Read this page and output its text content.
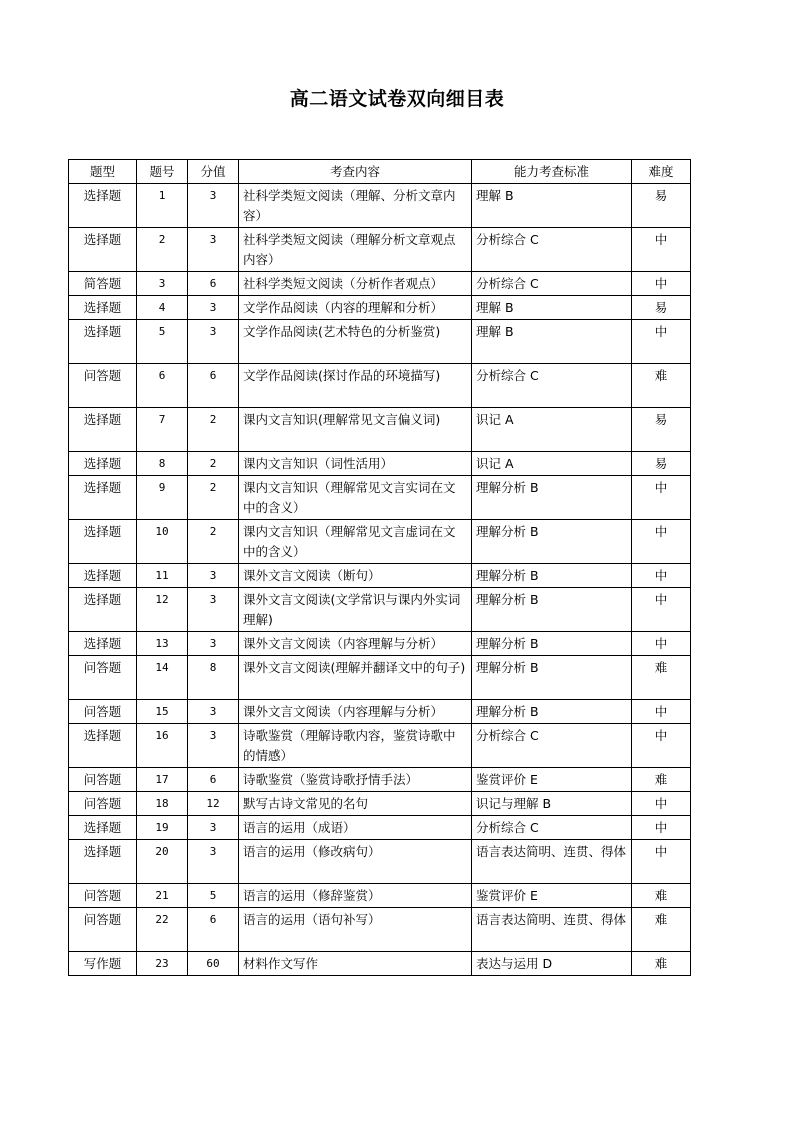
高二语文试卷双向细目表
题型	题号	分值	考查内容	能力考查标准	难度
选择题	1	3	社科学类短文阅读（理解、分析文章内容）	理解 B	易
选择题	2	3	社科学类短文阅读（理解分析文章观点内容）	分析综合 C	中
简答题	3	6	社科学类短文阅读（分析作者观点）	分析综合 C	中
选择题	4	3	文学作品阅读（内容的理解和分析）	理解 B	易
选择题	5	3	文学作品阅读(艺术特色的分析鉴赏)	理解 B	中
问答题	6	6	文学作品阅读(探讨作品的环境描写)	分析综合 C	难
选择题	7	2	课内文言知识(理解常见文言偏义词)	识记 A	易
选择题	8	2	课内文言知识（词性活用）	识记 A	易
选择题	9	2	课内文言知识（理解常见文言实词在文中的含义）	理解分析 B	中
选择题	10	2	课内文言知识（理解常见文言虚词在文中的含义）	理解分析 B	中
选择题	11	3	课外文言文阅读（断句）	理解分析 B	中
选择题	12	3	课外文言文阅读(文学常识与课内外实词理解)	理解分析 B	中
选择题	13	3	课外文言文阅读（内容理解与分析）	理解分析 B	中
问答题	14	8	课外文言文阅读(理解并翻译文中的句子)	理解分析 B	难
问答题	15	3	课外文言文阅读（内容理解与分析）	理解分析 B	中
选择题	16	3	诗歌鉴赏（理解诗歌内容，鉴赏诗歌中的情感）	分析综合 C	中
问答题	17	6	诗歌鉴赏（鉴赏诗歌抒情手法）	鉴赏评价 E	难
问答题	18	12	默写古诗文常见的名句	识记与理解 B	中
选择题	19	3	语言的运用（成语）	分析综合 C	中
选择题	20	3	语言的运用（修改病句）	语言表达简明、连贯、得体	中
问答题	21	5	语言的运用（修辞鉴赏）	鉴赏评价 E	难
问答题	22	6	语言的运用（语句补写）	语言表达简明、连贯、得体	难
写作题	23	60	材料作文写作	表达与运用 D	难
